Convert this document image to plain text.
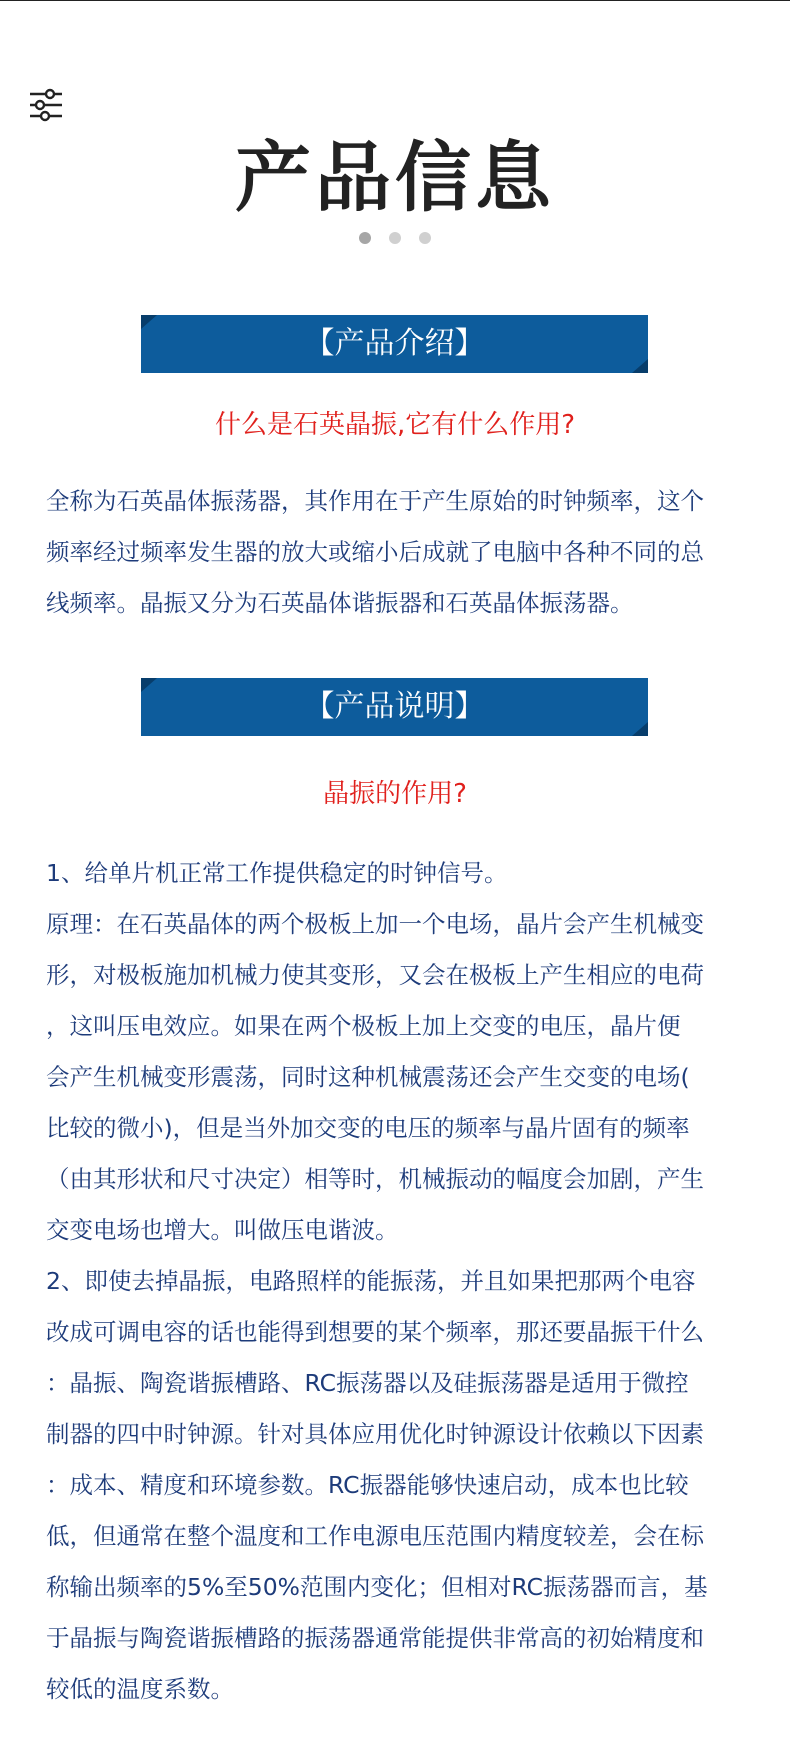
产品信息
【产品介绍】

什么是石英晶振,它有什么作用?

全称为石英晶体振荡器，其作用在于产生原始的时钟频率，这个
频率经过频率发生器的放大或缩小后成就了电脑中各种不同的总
线频率。晶振又分为石英晶体谐振器和石英晶体振荡器。
【产品说明】

晶振的作用?

1、给单片机正常工作提供稳定的时钟信号。
原理：在石英晶体的两个极板上加一个电场，晶片会产生机械变
形，对极板施加机械力使其变形，又会在极板上产生相应的电荷
，这叫压电效应。如果在两个极板上加上交变的电压，晶片便
会产生机械变形震荡，同时这种机械震荡还会产生交变的电场(
比较的微小)，但是当外加交变的电压的频率与晶片固有的频率
（由其形状和尺寸决定）相等时，机械振动的幅度会加剧，产生
交变电场也增大。叫做压电谐波。
2、即使去掉晶振，电路照样的能振荡，并且如果把那两个电容
改成可调电容的话也能得到想要的某个频率，那还要晶振干什么
：晶振、陶瓷谐振槽路、RC振荡器以及硅振荡器是适用于微控
制器的四中时钟源。针对具体应用优化时钟源设计依赖以下因素
：成本、精度和环境参数。RC振器能够快速启动，成本也比较
低，但通常在整个温度和工作电源电压范围内精度较差，会在标
称输出频率的5%至50%范围内变化；但相对RC振荡器而言，基
于晶振与陶瓷谐振槽路的振荡器通常能提供非常高的初始精度和
较低的温度系数。
